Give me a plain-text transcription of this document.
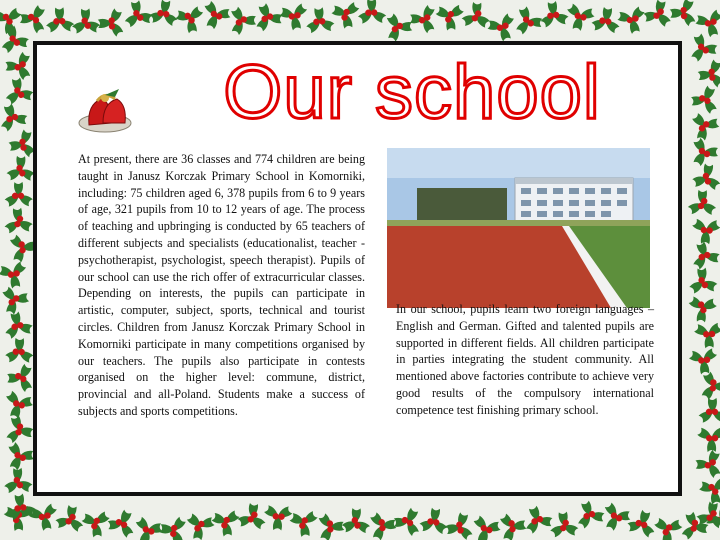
Our school
At present, there are 36 classes and 774 children are being taught in Janusz Korczak Primary School in Komorniki, including: 75 children aged 6, 378 pupils from 6 to 9 years of age, 321 pupils from 10 to 12 years of age. The process of teaching and upbringing is conducted by 65 teachers of different subjects and specialists (educationalist, teacher - psychotherapist, psychologist, speech therapist). Pupils of our school can use the rich offer of extracurricular classes. Depending on interests, the pupils can participate in artistic, computer, subject, sports, technical and tourist circles. Children from Janusz Korczak Primary School in Komorniki participate in many competitions organised by our teachers. The pupils also participate in contests organised on the higher level: commune, district, provincial and all-Poland. Students make a success of subjects and sports competitions.
In our school, pupils learn two foreign languages – English and German. Gifted and talented pupils are supported in different fields. All children participate in parties integrating the student community. All mentioned above factories contribute to achieve very good results of the compulsory international competence test finishing primary school.
